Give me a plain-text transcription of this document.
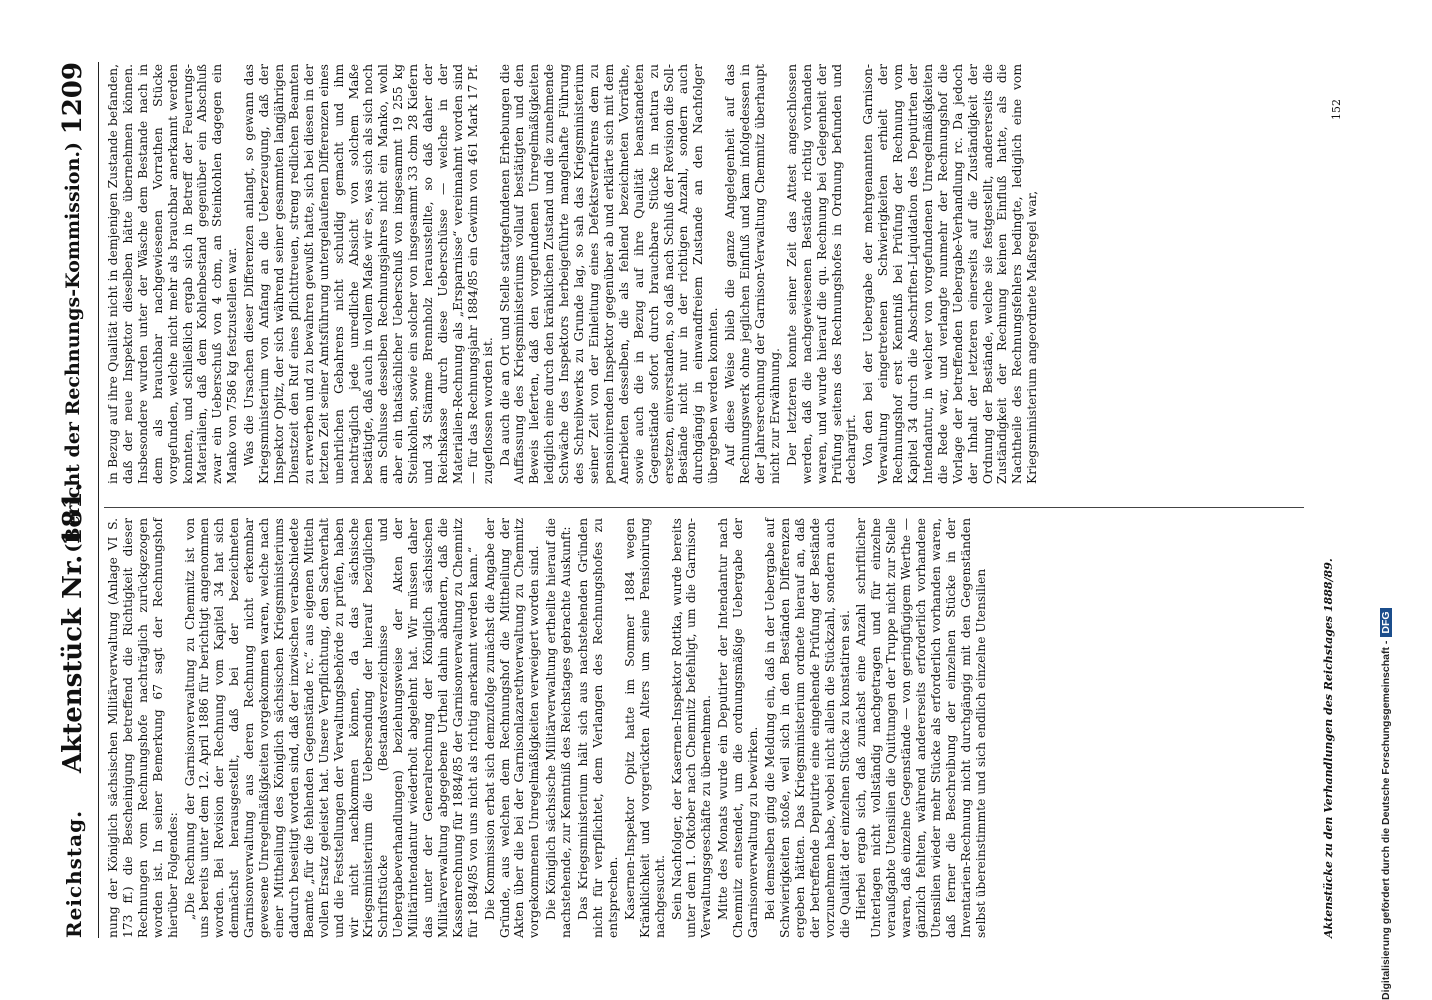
Reichstag.
Aktenstück Nr. 181.
(Bericht der Rechnungs-Kommission.)
1209

nung der Königlich sächsischen Militärverwaltung (Anlage VI S. 173 ff.) die Bescheinigung betreffend die Richtigkeit dieser Rechnungen vom Rechnungshofe nachträglich zurückgezogen worden ist. In seiner Bemerkung 67 sagt der Rechnungshof hierüber Folgendes: „Die Rechnung der Garnisonverwaltung zu Chemnitz ist von uns bereits unter dem 12. April 1886 für berichtigt angenommen worden. Bei Revision der Rechnung vom Kapitel 34 hat sich demnächst herausgestellt, daß bei der bezeichneten Garnisonverwaltung aus deren Rechnung nicht erkennbar gewesene Unregelmäßigkeiten vorgekommen waren, welche nach einer Mittheilung des Königlich sächsischen Kriegsministeriums dadurch beseitigt worden sind, daß der inzwischen verabschiedete Beamte „für die fehlenden Gegenstände rc.“ aus eigenen Mitteln vollen Ersatz geleistet hat. Unsere Verpflichtung, den Sachverhalt und die Feststellungen der Verwaltungsbehörde zu prüfen, haben wir nicht nachkommen können, da das sächsische Kriegsministerium die Uebersendung der hierauf bezüglichen Schriftstücke (Bestandsverzeichnisse und Uebergabeverhandlungen) beziehungsweise der Akten der Militärintendantur wiederholt abgelehnt hat. Wir müssen daher das unter der Generalrechnung der Königlich sächsischen Militärverwaltung abgegebene Urtheil dahin abändern, daß die Kassenrechnung für 1884/85 der Garnisonverwaltung zu Chemnitz für 1884/85 von uns nicht als richtig anerkannt werden kann.“ Die Kommission erbat sich demzufolge zunächst die Angabe der Gründe, aus welchen dem Rechnungshof die Mittheilung der Akten über die bei der Garnisonlazarethverwaltung zu Chemnitz vorgekommenen Unregelmäßigkeiten verweigert worden sind. Die Königlich sächsische Militärverwaltung ertheilte hierauf die nachstehende, zur Kenntniß des Reichstages gebrachte Auskunft: Das Kriegsministerium hält sich aus nachstehenden Gründen nicht für verpflichtet, dem Verlangen des Rechnungshofes zu entsprechen. Kasernen-Inspektor Opitz hatte im Sommer 1884 wegen Kränklichkeit und vorgerückten Alters um seine Pensionirung nachgesucht. Sein Nachfolger, der Kasernen-Inspektor Rottka, wurde bereits unter dem 1. Oktober nach Chemnitz befehligt, um die Garnison-Verwaltungsgeschäfte zu übernehmen. Mitte des Monats wurde ein Deputirter der Intendantur nach Chemnitz entsendet, um die ordnungsmäßige Uebergabe der Garnisonverwaltung zu bewirken. Bei demselben ging die Meldung ein, daß in der Uebergabe auf Schwierigkeiten stoße, weil sich in den Beständen Differenzen ergeben hätten. Das Kriegsministerium ordnete hierauf an, daß der betreffende Deputirte eine eingehende Prüfung der Bestände vorzunehmen habe, wobei nicht allein die Stückzahl, sondern auch die Qualität der einzelnen Stücke zu konstatiren sei. Hierbei ergab sich, daß zunächst eine Anzahl schriftlicher Unterlagen nicht vollständig nachgetragen und für einzelne veraußgabte Utensilien die Quittungen der Truppe nicht zur Stelle waren, daß einzelne Gegenstände — von geringfügigem Werthe — gänzlich fehlten, während andererseits erforderlich vorhandene Utensilien wieder mehr Stücke als erforderlich vorhanden waren, daß ferner die Beschreibung der einzelnen Stücke in der Inventarien-Rechnung nicht durchgängig mit den Gegenständen selbst übereinstimmte und sich endlich einzelne Utensilien

in Bezug auf ihre Qualität nicht in demjenigen Zustande befanden, daß der neue Inspektor dieselben hätte übernehmen können. Insbesondere wurden unter der Wäsche dem Bestande nach in dem als brauchbar nachgewiesenen Vorrathen Stücke vorgefunden, welche nicht mehr als brauchbar anerkannt werden konnten, und schließlich ergab sich in Betreff der Feuerungs-Materialien, daß dem Kohlenbestand gegenüber ein Abschluß zwar ein Ueberschuß von 4 cbm, an Steinkohlen dagegen ein Manko von 7586 kg festzustellen war. Was die Ursachen dieser Differenzen anlangt, so gewann das Kriegsministerium von Anfang an die Ueberzeugung, daß der Inspektor Opitz, der sich während seiner gesammten langjährigen Dienstzeit den Ruf eines pflichttreuen, streng redlichen Beamten zu erwerben und zu bewahren gewußt hatte, sich bei diesen in der letzten Zeit seiner Amtsführung untergelaufenen Differenzen eines unehrlichen Gebahrens nicht schuldig gemacht und ihm nachträglich jede unredliche Absicht von solchem Maße bestätigte, daß auch in vollem Maße wir es, was sich als sich noch am Schlusse desselben Rechnungsjahres nicht ein Manko, wohl aber ein thatsächlicher Ueberschuß von insgesammt 19 255 kg Steinkohlen, sowie ein solcher von insgesammt 33 cbm 28 Kiefern und 34 Stämme Brennholz herausstellte, so daß daher der Reichskasse durch diese Ueberschüsse — welche in der Materialien-Rechnung als „Ersparnisse“ vereinnahmt worden sind — für das Rechnungsjahr 1884/85 ein Gewinn von 461 Mark 17 Pf. zugeflossen worden ist. Da auch die an Ort und Stelle stattgefundenen Erhebungen die Auffassung des Kriegsministeriums vollauf bestätigten und den Beweis lieferten, daß den vorgefundenen Unregelmäßigkeiten lediglich eine durch den kränklichen Zustand und die zunehmende Schwäche des Inspektors herbeigeführte mangelhafte Führung des Schreibwerks zu Grunde lag, so sah das Kriegsministerium seiner Zeit von der Einleitung eines Defektsverfahrens dem zu pensionirenden Inspektor gegenüber ab und erklärte sich mit dem Anerbieten desselben, die als fehlend bezeichneten Vorräthe, sowie auch die in Bezug auf ihre Qualität beanstandeten Gegenstände sofort durch brauchbare Stücke in natura zu ersetzen, einverstanden, so daß nach Schluß der Revision die Soll-Bestände nicht nur in der richtigen Anzahl, sondern auch durchgängig in einwandfreiem Zustande an den Nachfolger übergeben werden konnten. Auf diese Weise blieb die ganze Angelegenheit auf das Rechnungswerk ohne jeglichen Einfluß und kam infolgedessen in der Jahresrechnung der Garnison-Verwaltung Chemnitz überhaupt nicht zur Erwähnung. Der letzteren konnte seiner Zeit das Attest angeschlossen werden, daß die nachgewiesenen Bestände richtig vorhanden waren, und wurde hierauf die qu. Rechnung bei Gelegenheit der Prüfung seitens des Rechnungshofes in Ordnung befunden und dechargirt. Von den bei der Uebergabe der mehrgenannten Garnison-Verwaltung eingetretenen Schwierigkeiten erhielt der Rechnungshof erst Kenntniß bei Prüfung der Rechnung vom Kapitel 34 durch die Abschriften-Liquidation des Deputirten der Intendantur, in welcher von vorgefundenen Unregelmäßigkeiten die Rede war, und verlangte nunmehr der Rechnungshof die Vorlage der betreffenden Uebergabe-Verhandlung rc. Da jedoch der Inhalt der letzteren einerseits auf die Zuständigkeit der Ordnung der Bestände, welche sie festgestellt, andererseits die Zuständigkeit der Rechnung keinen Einfluß hatte, als die Nachtheile des Rechnungsfehlers bedingte, lediglich eine vom Kriegsministerium angeordnete Maßregel war,

Aktenstücke zu den Verhandlungen des Reichstages 1888/89.
152
Digitalisierung gefördert durch die Deutsche Forschungsgemeinschaft -DFG
